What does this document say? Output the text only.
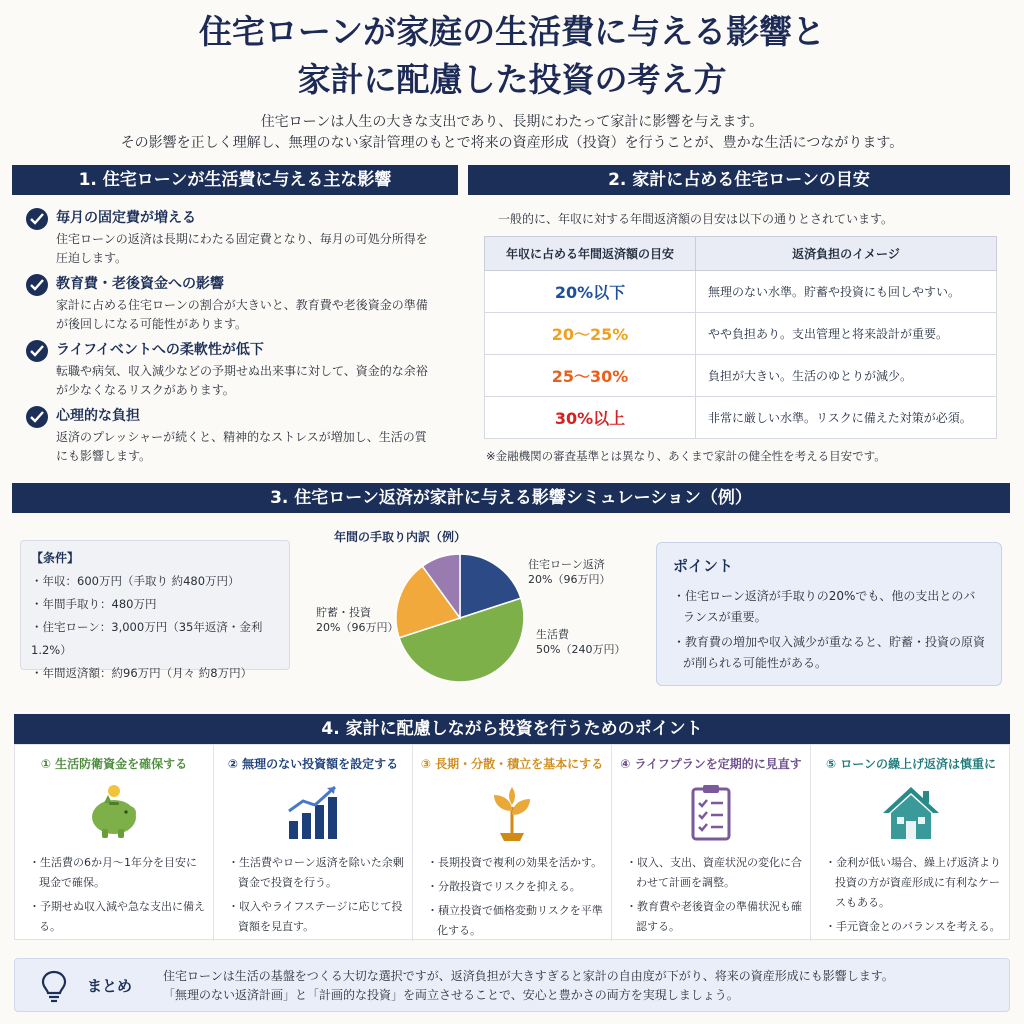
住宅ローンが家庭の生活費に与える影響と
家計に配慮した投資の考え方
住宅ローンは人生の大きな支出であり、長期にわたって家計に影響を与えます。
その影響を正しく理解し、無理のない家計管理のもとで将来の資産形成（投資）を行うことが、豊かな生活につながります。
1. 住宅ローンが生活費に与える主な影響
毎月の固定費が増える
住宅ローンの返済は長期にわたる固定費となり、毎月の可処分所得を圧迫します。
教育費・老後資金への影響
家計に占める住宅ローンの割合が大きいと、教育費や老後資金の準備が後回しになる可能性があります。
ライフイベントへの柔軟性が低下
転職や病気、収入減少などの予期せぬ出来事に対して、資金的な余裕が少なくなるリスクがあります。
心理的な負担
返済のプレッシャーが続くと、精神的なストレスが増加し、生活の質にも影響します。
2. 家計に占める住宅ローンの目安
一般的に、年収に対する年間返済額の目安は以下の通りとされています。
年収に占める年間返済額の目安	返済負担のイメージ
20%以下	無理のない水準。貯蓄や投資にも回しやすい。
20〜25%	やや負担あり。支出管理と将来設計が重要。
25〜30%	負担が大きい。生活のゆとりが減少。
30%以上	非常に厳しい水準。リスクに備えた対策が必須。
※金融機関の審査基準とは異なり、あくまで家計の健全性を考える目安です。
3. 住宅ローン返済が家計に与える影響シミュレーション（例）
【条件】
・年収：600万円（手取り 約480万円）
・年間手取り：480万円
・住宅ローン：3,000万円（35年返済・金利1.2%）
・年間返済額：約96万円（月々 約8万円）
年間の手取り内訳（例）
住宅ローン返済
20%（96万円）
生活費
50%（240万円）
貯蓄・投資
20%（96万円）
ポイント
・住宅ローン返済が手取りの20%でも、他の支出とのバランスが重要。
・教育費の増加や収入減少が重なると、貯蓄・投資の原資が削られる可能性がある。
4. 家計に配慮しながら投資を行うためのポイント
① 生活防衛資金を確保する
・生活費の6か月〜1年分を目安に現金で確保。
・予期せぬ収入減や急な支出に備える。
② 無理のない投資額を設定する
・生活費やローン返済を除いた余剰資金で投資を行う。
・収入やライフステージに応じて投資額を見直す。
③ 長期・分散・積立を基本にする
・長期投資で複利の効果を活かす。
・分散投資でリスクを抑える。
・積立投資で価格変動リスクを平準化する。
④ ライフプランを定期的に見直す
・収入、支出、資産状況の変化に合わせて計画を調整。
・教育費や老後資金の準備状況も確認する。
⑤ ローンの繰上げ返済は慎重に
・金利が低い場合、繰上げ返済より投資の方が資産形成に有利なケースもある。
・手元資金とのバランスを考える。
まとめ
住宅ローンは生活の基盤をつくる大切な選択ですが、返済負担が大きすぎると家計の自由度が下がり、将来の資産形成にも影響します。
「無理のない返済計画」と「計画的な投資」を両立させることで、安心と豊かさの両方を実現しましょう。
